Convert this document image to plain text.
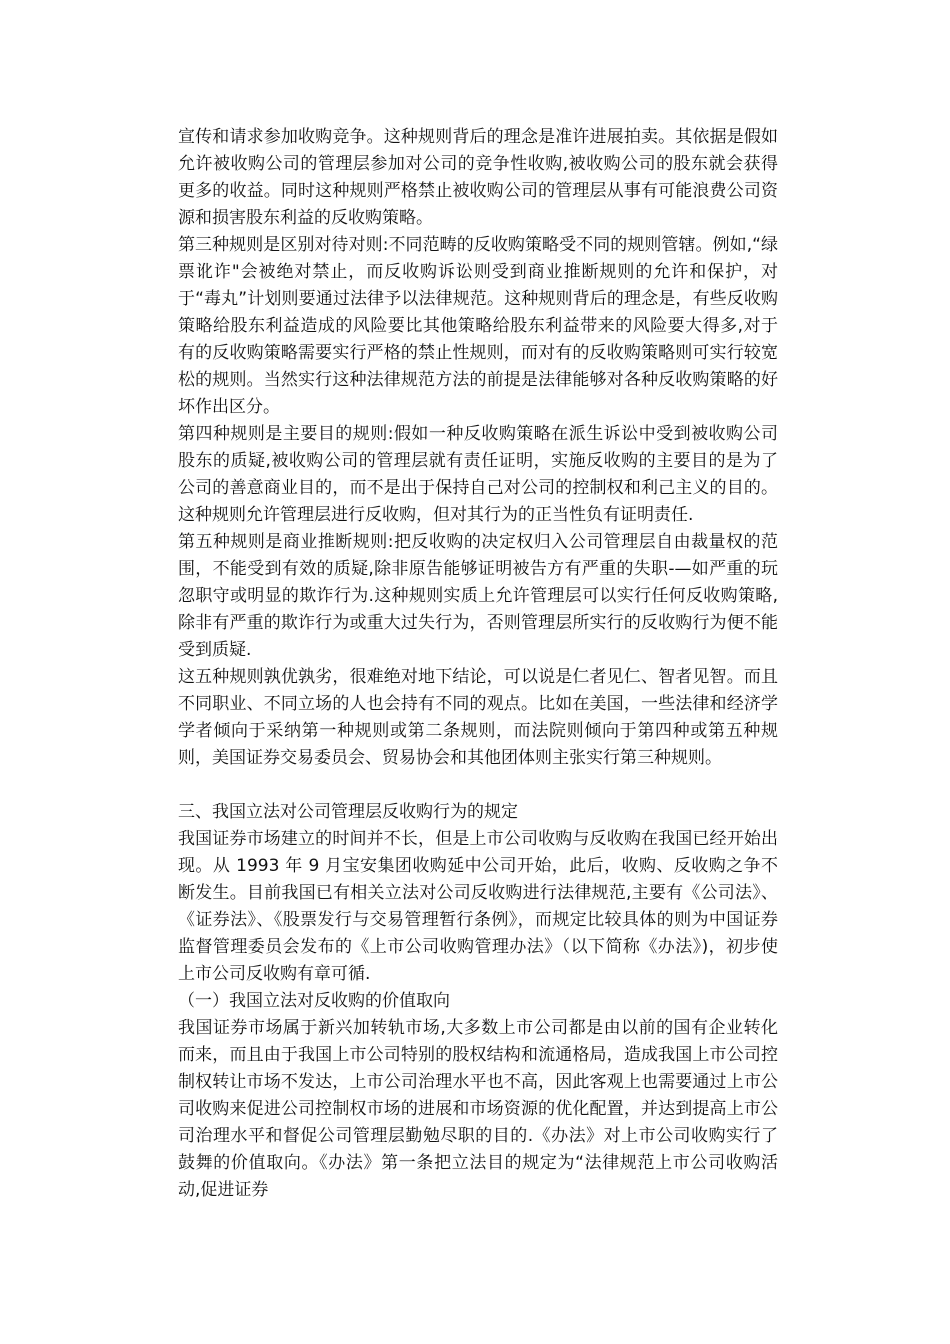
宣传和请求参加收购竞争。这种规则背后的理念是准许进展拍卖。其依据是假如允许被收购公司的管理层参加对公司的竞争性收购,被收购公司的股东就会获得更多的收益。同时这种规则严格禁止被收购公司的管理层从事有可能浪费公司资源和损害股东利益的反收购策略。

第三种规则是区别对待对则:不同范畴的反收购策略受不同的规则管辖。例如,“绿票讹诈"会被绝对禁止，而反收购诉讼则受到商业推断规则的允许和保护，对于“毒丸”计划则要通过法律予以法律规范。这种规则背后的理念是，有些反收购策略给股东利益造成的风险要比其他策略给股东利益带来的风险要大得多,对于有的反收购策略需要实行严格的禁止性规则，而对有的反收购策略则可实行较宽松的规则。当然实行这种法律规范方法的前提是法律能够对各种反收购策略的好坏作出区分。

第四种规则是主要目的规则:假如一种反收购策略在派生诉讼中受到被收购公司股东的质疑,被收购公司的管理层就有责任证明，实施反收购的主要目的是为了公司的善意商业目的，而不是出于保持自己对公司的控制权和利己主义的目的。这种规则允许管理层进行反收购，但对其行为的正当性负有证明责任.

第五种规则是商业推断规则:把反收购的决定权归入公司管理层自由裁量权的范围，不能受到有效的质疑,除非原告能够证明被告方有严重的失职-—如严重的玩忽职守或明显的欺诈行为.这种规则实质上允许管理层可以实行任何反收购策略,除非有严重的欺诈行为或重大过失行为，否则管理层所实行的反收购行为便不能受到质疑.

这五种规则孰优孰劣，很难绝对地下结论，可以说是仁者见仁、智者见智。而且不同职业、不同立场的人也会持有不同的观点。比如在美国，一些法律和经济学学者倾向于采纳第一种规则或第二条规则，而法院则倾向于第四种或第五种规则，美国证券交易委员会、贸易协会和其他团体则主张实行第三种规则。

三、我国立法对公司管理层反收购行为的规定

我国证券市场建立的时间并不长，但是上市公司收购与反收购在我国已经开始出现。从 1993 年 9 月宝安集团收购延中公司开始，此后，收购、反收购之争不断发生。目前我国已有相关立法对公司反收购进行法律规范,主要有《公司法》、《证券法》、《股票发行与交易管理暂行条例》，而规定比较具体的则为中国证券监督管理委员会发布的《上市公司收购管理办法》（以下简称《办法》)，初步使上市公司反收购有章可循.

（一）我国立法对反收购的价值取向

我国证券市场属于新兴加转轨市场,大多数上市公司都是由以前的国有企业转化而来，而且由于我国上市公司特别的股权结构和流通格局，造成我国上市公司控制权转让市场不发达，上市公司治理水平也不高，因此客观上也需要通过上市公司收购来促进公司控制权市场的进展和市场资源的优化配置，并达到提高上市公司治理水平和督促公司管理层勤勉尽职的目的.《办法》对上市公司收购实行了鼓舞的价值取向。《办法》第一条把立法目的规定为“法律规范上市公司收购活动,促进证券
